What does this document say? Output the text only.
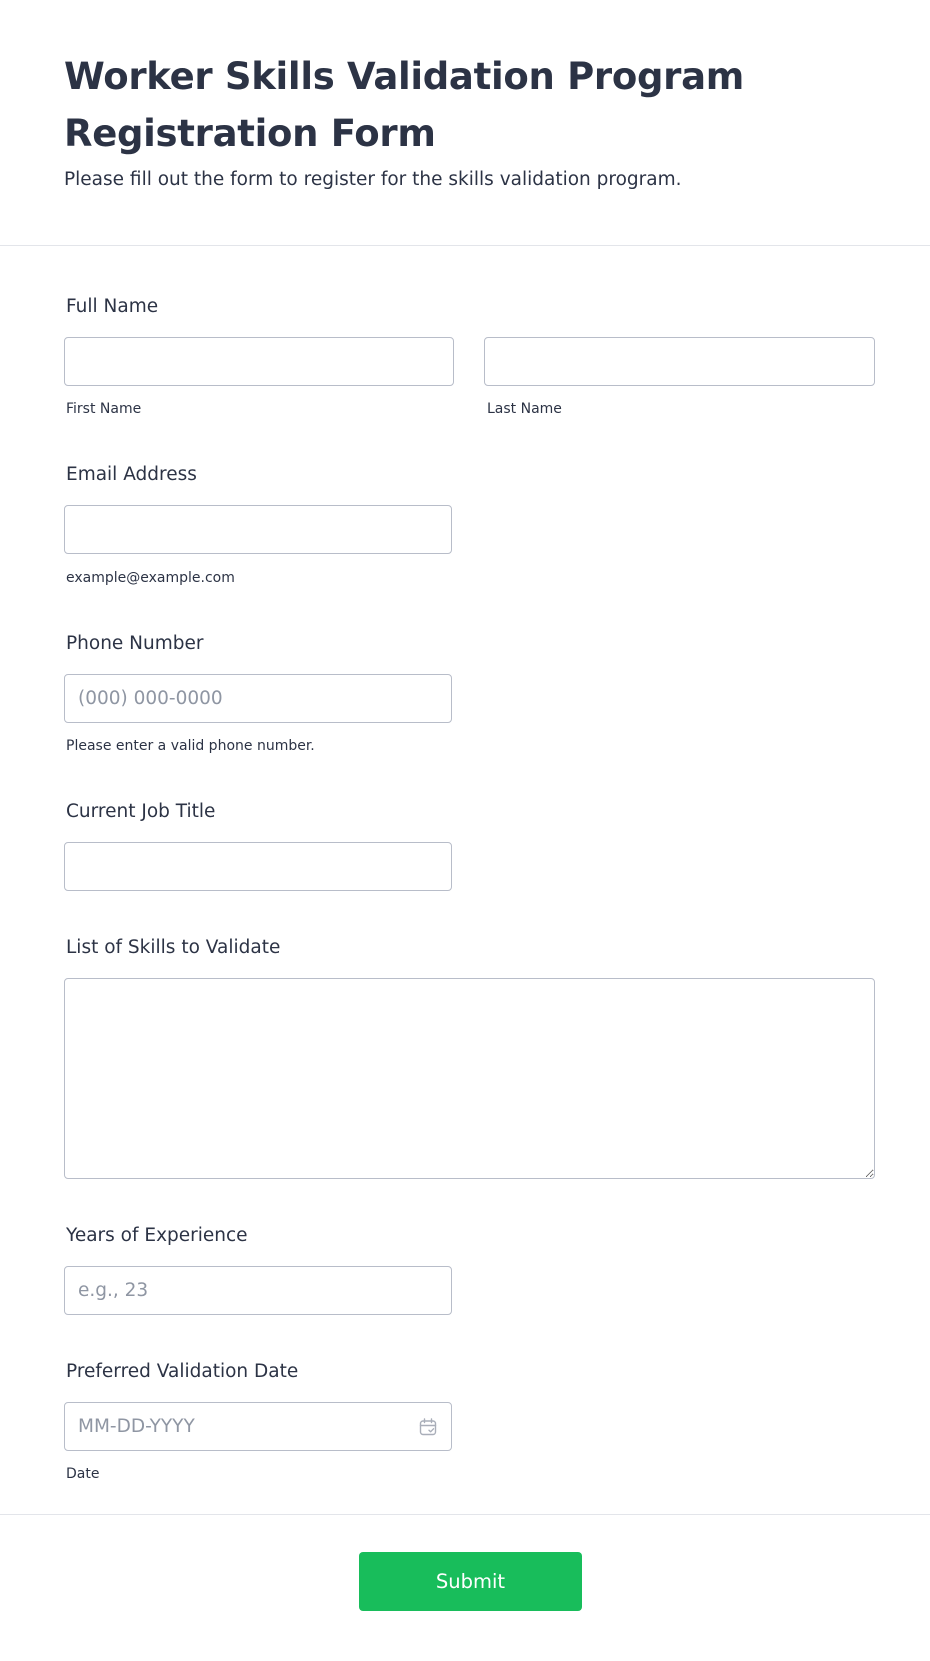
Worker Skills Validation Program Registration Form

Please fill out the form to register for the skills validation program.

Full Name
First Name	Last Name
Email Address
example@example.com
Phone Number
(000) 000-0000
Please enter a valid phone number.
Current Job Title
List of Skills to Validate
Years of Experience
e.g., 23
Preferred Validation Date
MM-DD-YYYY
Date
Submit
